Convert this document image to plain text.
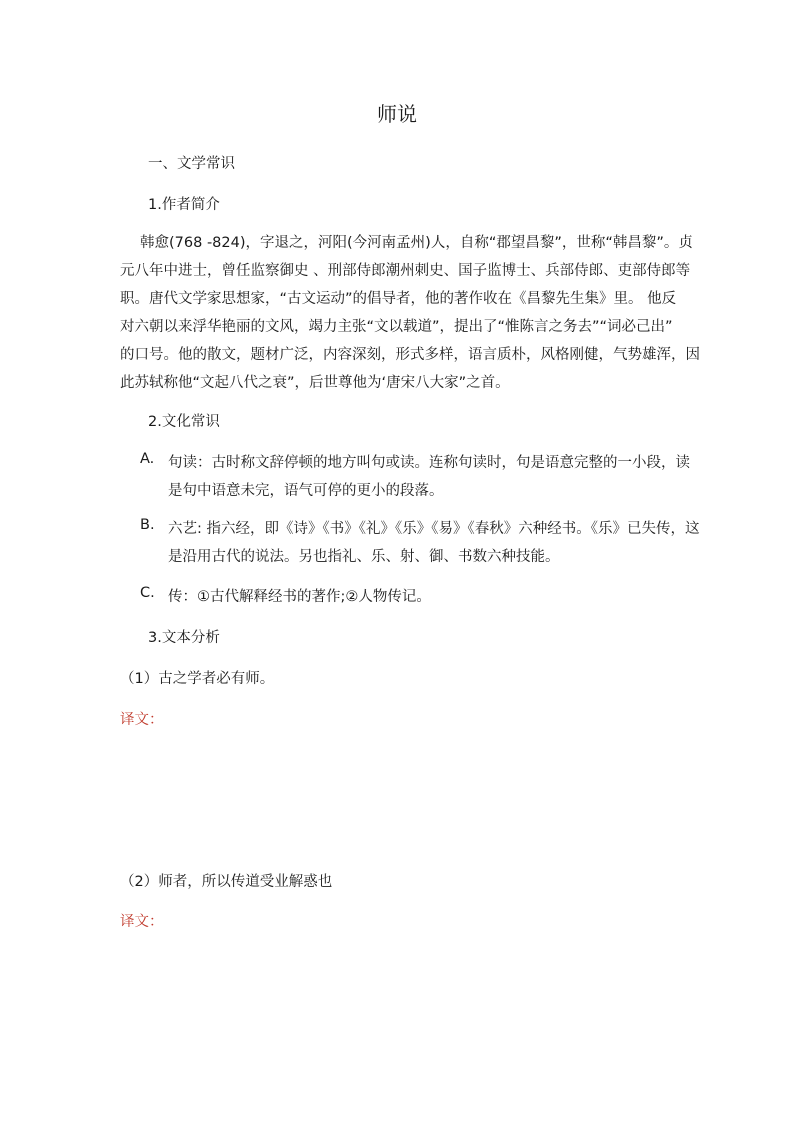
师说
一、文学常识
1.作者简介
韩愈(768 -824)，字退之，河阳(今河南孟州)人，自称“郡望昌黎”，世称“韩昌黎”。贞
元八年中进士，曾任监察御史 、刑部侍郎潮州刺史、国子监博士、兵部侍郎、吏部侍郎等
职。唐代文学家思想家，“古文运动”的倡导者，他的著作收在《昌黎先生集》里。 他反
对六朝以来浮华艳丽的文风，竭力主张“文以载道”，提出了“惟陈言之务去”“词必己出”
的口号。他的散文，题材广泛，内容深刻，形式多样，语言质朴，风格刚健，气势雄浑，因
此苏轼称他“文起八代之衰”，后世尊他为‘唐宋八大家”之首。
2.文化常识
A. 句读：古时称文辞停顿的地方叫句或读。连称句读时，句是语意完整的一小段，读
是句中语意未完，语气可停的更小的段落。
B. 六艺: 指六经，即《诗》《书》《礼》《乐》《易》《春秋》六种经书。《乐》已失传，这
是沿用古代的说法。另也指礼、乐、射、御、书数六种技能。
C. 传：①古代解释经书的著作;②人物传记。
3.文本分析
（1）古之学者必有师。
译文：
（2）师者，所以传道受业解惑也
译文：
